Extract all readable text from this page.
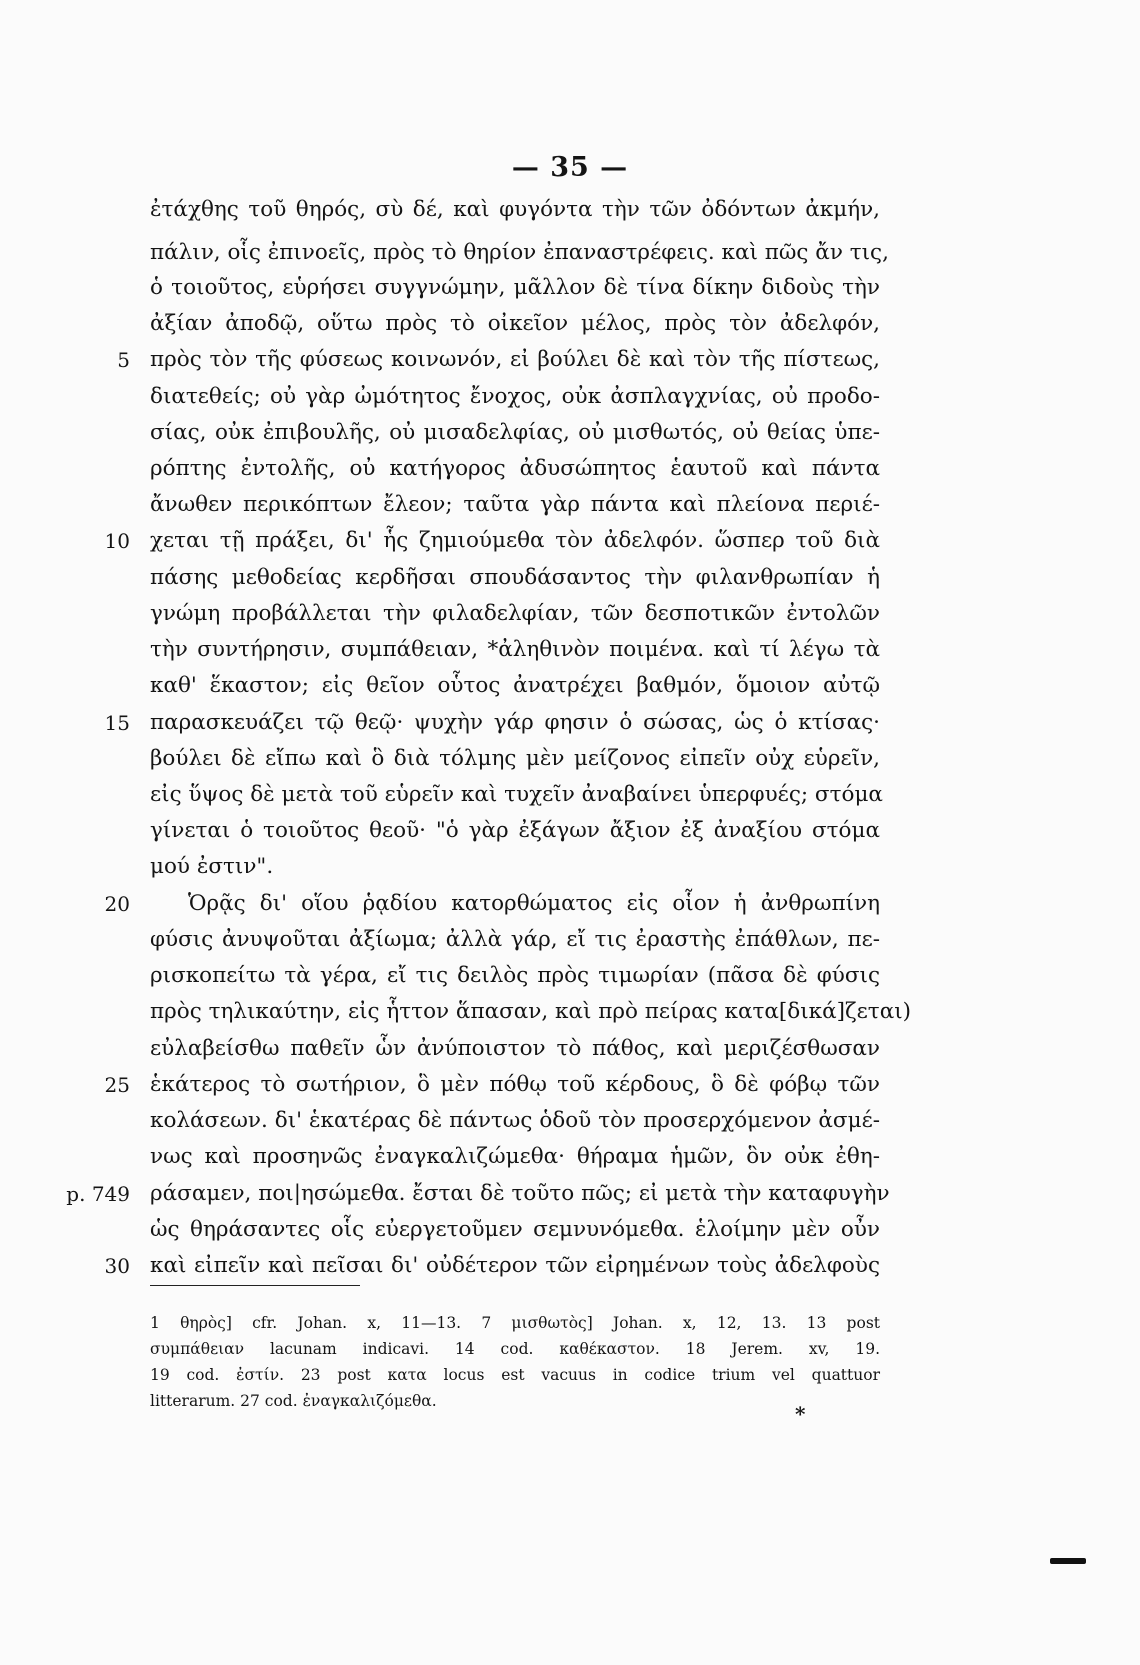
— 35 —
ἐτάχθης τοῦ θηρός, σὺ δέ, καὶ φυγόντα τὴν τῶν ὀδόντων ἀκμήν,
πάλιν, οἷς ἐπινοεῖς, πρὸς τὸ θηρίον ἐπαναστρέφεις. καὶ πῶς ἄν τις,
ὁ τοιοῦτος, εὑρήσει συγγνώμην, μᾶλλον δὲ τίνα δίκην διδοὺς τὴν
ἀξίαν ἀποδῷ, οὕτω πρὸς τὸ οἰκεῖον μέλος, πρὸς τὸν ἀδελφόν,
πρὸς τὸν τῆς φύσεως κοινωνόν, εἰ βούλει δὲ καὶ τὸν τῆς πίστεως,
διατεθείς; οὐ γὰρ ὠμότητος ἔνοχος, οὐκ ἀσπλαγχνίας, οὐ προδο-
σίας, οὐκ ἐπιβουλῆς, οὐ μισαδελφίας, οὐ μισθωτός, οὐ θείας ὑπε-
ρόπτης ἐντολῆς, οὐ κατήγορος ἀδυσώπητος ἑαυτοῦ καὶ πάντα
ἄνωθεν περικόπτων ἔλεον; ταῦτα γὰρ πάντα καὶ πλείονα περιέ-
χεται τῇ πράξει, δι' ἧς ζημιούμεθα τὸν ἀδελφόν. ὥσπερ τοῦ διὰ
πάσης μεθοδείας κερδῆσαι σπουδάσαντος τὴν φιλανθρωπίαν ἡ
γνώμη προβάλλεται τὴν φιλαδελφίαν, τῶν δεσποτικῶν ἐντολῶν
τὴν συντήρησιν, συμπάθειαν, *ἀληθινὸν ποιμένα. καὶ τί λέγω τὰ
καθ' ἕκαστον; εἰς θεῖον οὗτος ἀνατρέχει βαθμόν, ὅμοιον αὐτῷ
παρασκευάζει τῷ θεῷ· ψυχὴν γάρ φησιν ὁ σώσας, ὡς ὁ κτίσας·
βούλει δὲ εἴπω καὶ ὃ διὰ τόλμης μὲν μείζονος εἰπεῖν οὐχ εὑρεῖν,
εἰς ὕψος δὲ μετὰ τοῦ εὑρεῖν καὶ τυχεῖν ἀναβαίνει ὑπερφυές; στόμα
γίνεται ὁ τοιοῦτος θεοῦ· "ὁ γὰρ ἐξάγων ἄξιον ἐξ ἀναξίου στόμα
μού ἐστιν".
Ὁρᾷς δι' οἵου ῥᾳδίου κατορθώματος εἰς οἷον ἡ ἀνθρωπίνη
φύσις ἀνυψοῦται ἀξίωμα; ἀλλὰ γάρ, εἴ τις ἐραστὴς ἐπάθλων, πε-
ρισκοπείτω τὰ γέρα, εἴ τις δειλὸς πρὸς τιμωρίαν (πᾶσα δὲ φύσις
πρὸς τηλικαύτην, εἰς ἧττον ἅπασαν, καὶ πρὸ πείρας κατα[δικά]ζεται)
εὐλαβείσθω παθεῖν ὧν ἀνύποιστον τὸ πάθος, καὶ μεριζέσθωσαν
ἑκάτερος τὸ σωτήριον, ὃ μὲν πόθῳ τοῦ κέρδους, ὃ δὲ φόβῳ τῶν
κολάσεων. δι' ἑκατέρας δὲ πάντως ὁδοῦ τὸν προσερχόμενον ἀσμέ-
νως καὶ προσηνῶς ἐναγκαλιζώμεθα· θήραμα ἡμῶν, ὃν οὐκ ἐθη-
ράσαμεν, ποι|ησώμεθα. ἔσται δὲ τοῦτο πῶς; εἰ μετὰ τὴν καταφυγὴν
ὡς θηράσαντες οἷς εὐεργετοῦμεν σεμνυνόμεθα. ἑλοίμην μὲν οὖν
καὶ εἰπεῖν καὶ πεῖσαι δι' οὐδέτερον τῶν εἰρημένων τοὺς ἀδελφοὺς
5
10
15
20
25
p. 749
30
1 θηρὸς] cfr. Johan. x, 11—13. 7 μισθωτὸς] Johan. x, 12, 13. 13 post
συμπάθειαν lacunam indicavi. 14 cod. καθέκαστον. 18 Jerem. xv, 19.
19 cod. ἐστίν. 23 post κατα locus est vacuus in codice trium vel quattuor
litterarum. 27 cod. ἐναγκαλιζόμεθα.
*
